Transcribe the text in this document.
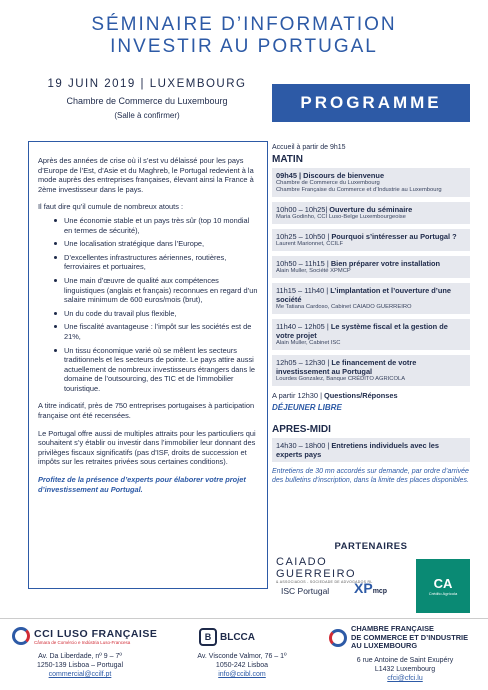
SÉMINAIRE D’INFORMATION
INVESTIR AU PORTUGAL
19 JUIN 2019 | LUXEMBOURG
Chambre de Commerce du Luxembourg
(Salle à confirmer)
PROGRAMME

Après des années de crise où il s’est vu délaissé pour les pays d’Europe de l’Est, d’Asie et du Maghreb, le Portugal redevient à la mode auprès des entreprises françaises, élevant ainsi la France à 2ème investisseur dans le pays.

Il faut dire qu’il cumule de nombreux atouts :

Une économie stable et un pays très sûr (top 10 mondial en termes de sécurité),
Une localisation stratégique dans l’Europe,
D’excellentes infrastructures aériennes, routières, ferroviaires et portuaires,
Une main d’œuvre de qualité aux compétences linguistiques (anglais et français) reconnues en regard d’un salaire minimum de 600 euros/mois (brut),
Un du code du travail plus flexible,
Une fiscalité avantageuse : l’impôt sur les sociétés est de 21%,
Un tissu économique varié où se mêlent les secteurs traditionnels et les secteurs de pointe. Le pays attire aussi actuellement de nombreux investisseurs étrangers dans le domaine de l’outsourcing, des TIC et de l’immobilier touristique.

A titre indicatif, près de 750 entreprises portugaises à participation française ont été recensées.

Le Portugal offre aussi de multiples attraits pour les particuliers qui souhaitent s’y établir ou investir dans l’immobilier leur donnant des privilèges fiscaux significatifs (pas d’ISF, droits de succession et impôts sur les retraites privées sous certaines conditions).

Profitez de la présence d’experts pour élaborer votre projet d’investissement au Portugal.

Accueil à partir de 9h15
MATIN
09h45 | Discours de bienvenue
Chambre de Commerce du Luxembourg
Chambre Française du Commerce et d’Industrie au Luxembourg
10h00 – 10h25| Ouverture du séminaire
Maria Godinho, CCI Luso-Belge Luxembourgeoise
10h25 – 10h50 | Pourquoi s’intéresser au Portugal ?
Laurent Marionnet, CCILF
10h50 – 11h15 | Bien préparer votre installation
Alain Muller, Société XPMCP
11h15 – 11h40 | L’implantation et l’ouverture d’une société
Me Tatiana Cardoso, Cabinet CAIADO GUERREIRO
11h40 – 12h05 | Le système fiscal et la gestion de votre projet
Alain Muller, Cabinet ISC
12h05 – 12h30 | Le financement de votre investissement au Portugal
Lourdes Gonzalez, Banque CRÉDITO AGRICOLA
A partir 12h30 | Questions/Réponses
DÉJEUNER LIBRE
APRES-MIDI
14h30 – 18h00 | Entretiens individuels avec les experts pays
Entretiens de 30 mn accordés sur demande, par ordre d’arrivée des bulletins d’inscription, dans la limite des places disponibles.
PARTENAIRES
CAIADO GUERREIRO
& ASSOCIADOS - SOCIEDADE DE ADVOGADOS RL	CA
Crédito Agrícola
ISC Portugal XPmcp
CCI LUSO FRANÇAISE
Câmara de Comércio e Indústria Luso-Francesa
Av. Da Liberdade, nº 9 – 7º
1250-139 Lisboa – Portugal
commercial@ccilf.pt
B BLCCA
Av. Visconde Valmor, 76 – 1º
1050-242 Lisboa
info@ccibl.com
CHAMBRE FRANÇAISE
DE COMMERCE ET D’INDUSTRIE
AU LUXEMBOURG
6 rue Antoine de Saint Exupéry
L1432 Luxembourg
cfci@cfci.lu
